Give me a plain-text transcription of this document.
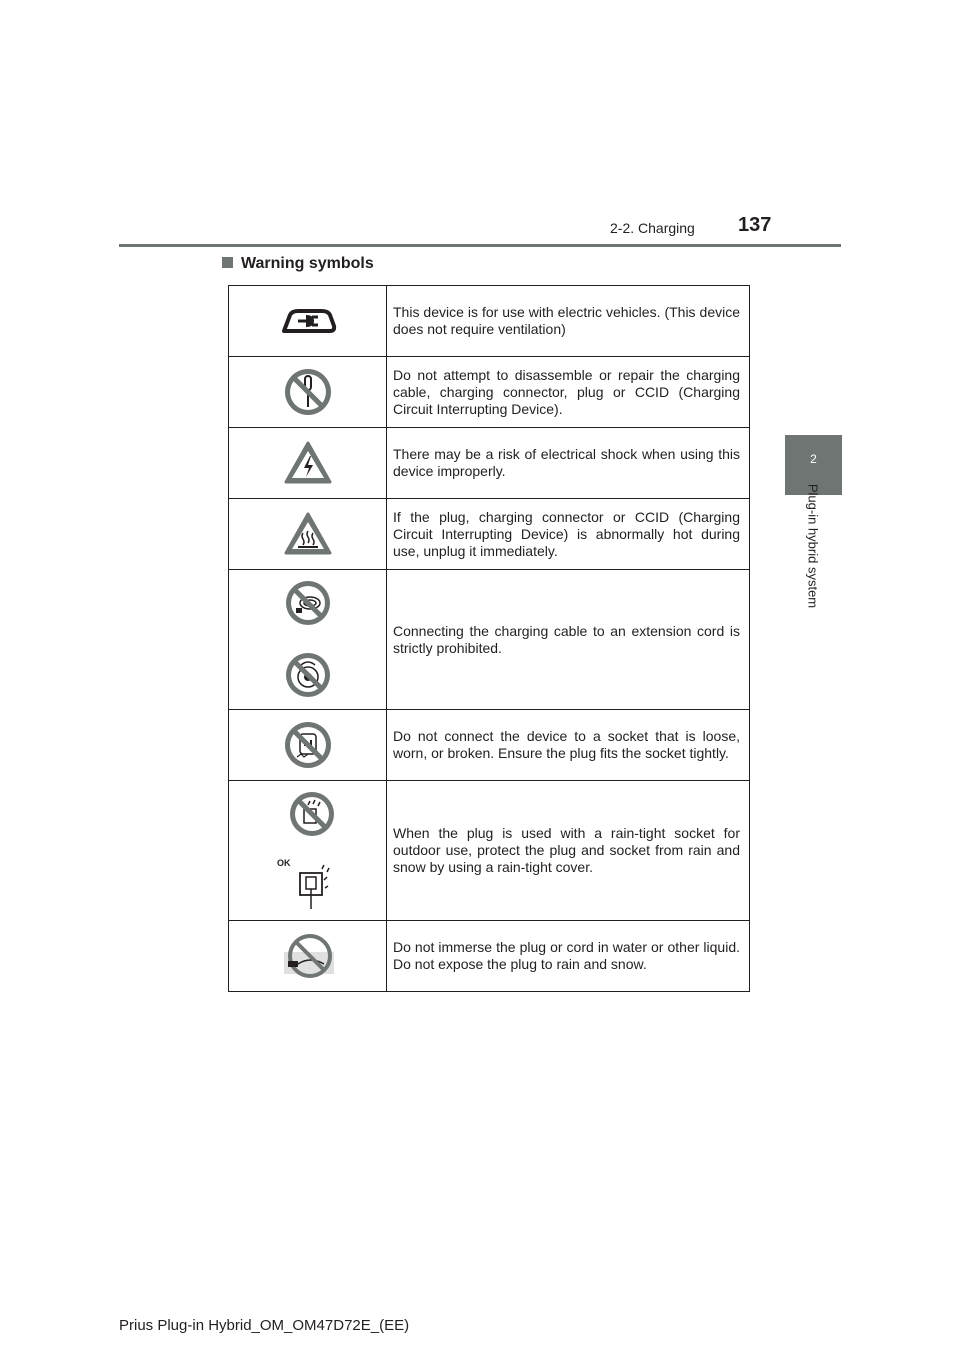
2-2. Charging 137
2
Plug-in hybrid system
Warning symbols
	This device is for use with electric vehicles. (This device does not require ventilation)

	Do not attempt to disassemble or repair the charging cable, charging connector, plug or CCID (Charging Circuit Interrupting Device).

	There may be a risk of electrical shock when using this device improperly.

	If the plug, charging connector or CCID (Charging Circuit Interrupting Device) is abnormally hot during use, unplug it immediately.

	Connecting the charging cable to an extension cord is strictly prohibited.

	Do not connect the device to a socket that is loose, worn, or broken. Ensure the plug fits the socket tightly.

OK	When the plug is used with a rain-tight socket for outdoor use, protect the plug and socket from rain and snow by using a rain-tight cover.

	Do not immerse the plug or cord in water or other liquid. Do not expose the plug to rain and snow.
Prius Plug-in Hybrid_OM_OM47D72E_(EE)
